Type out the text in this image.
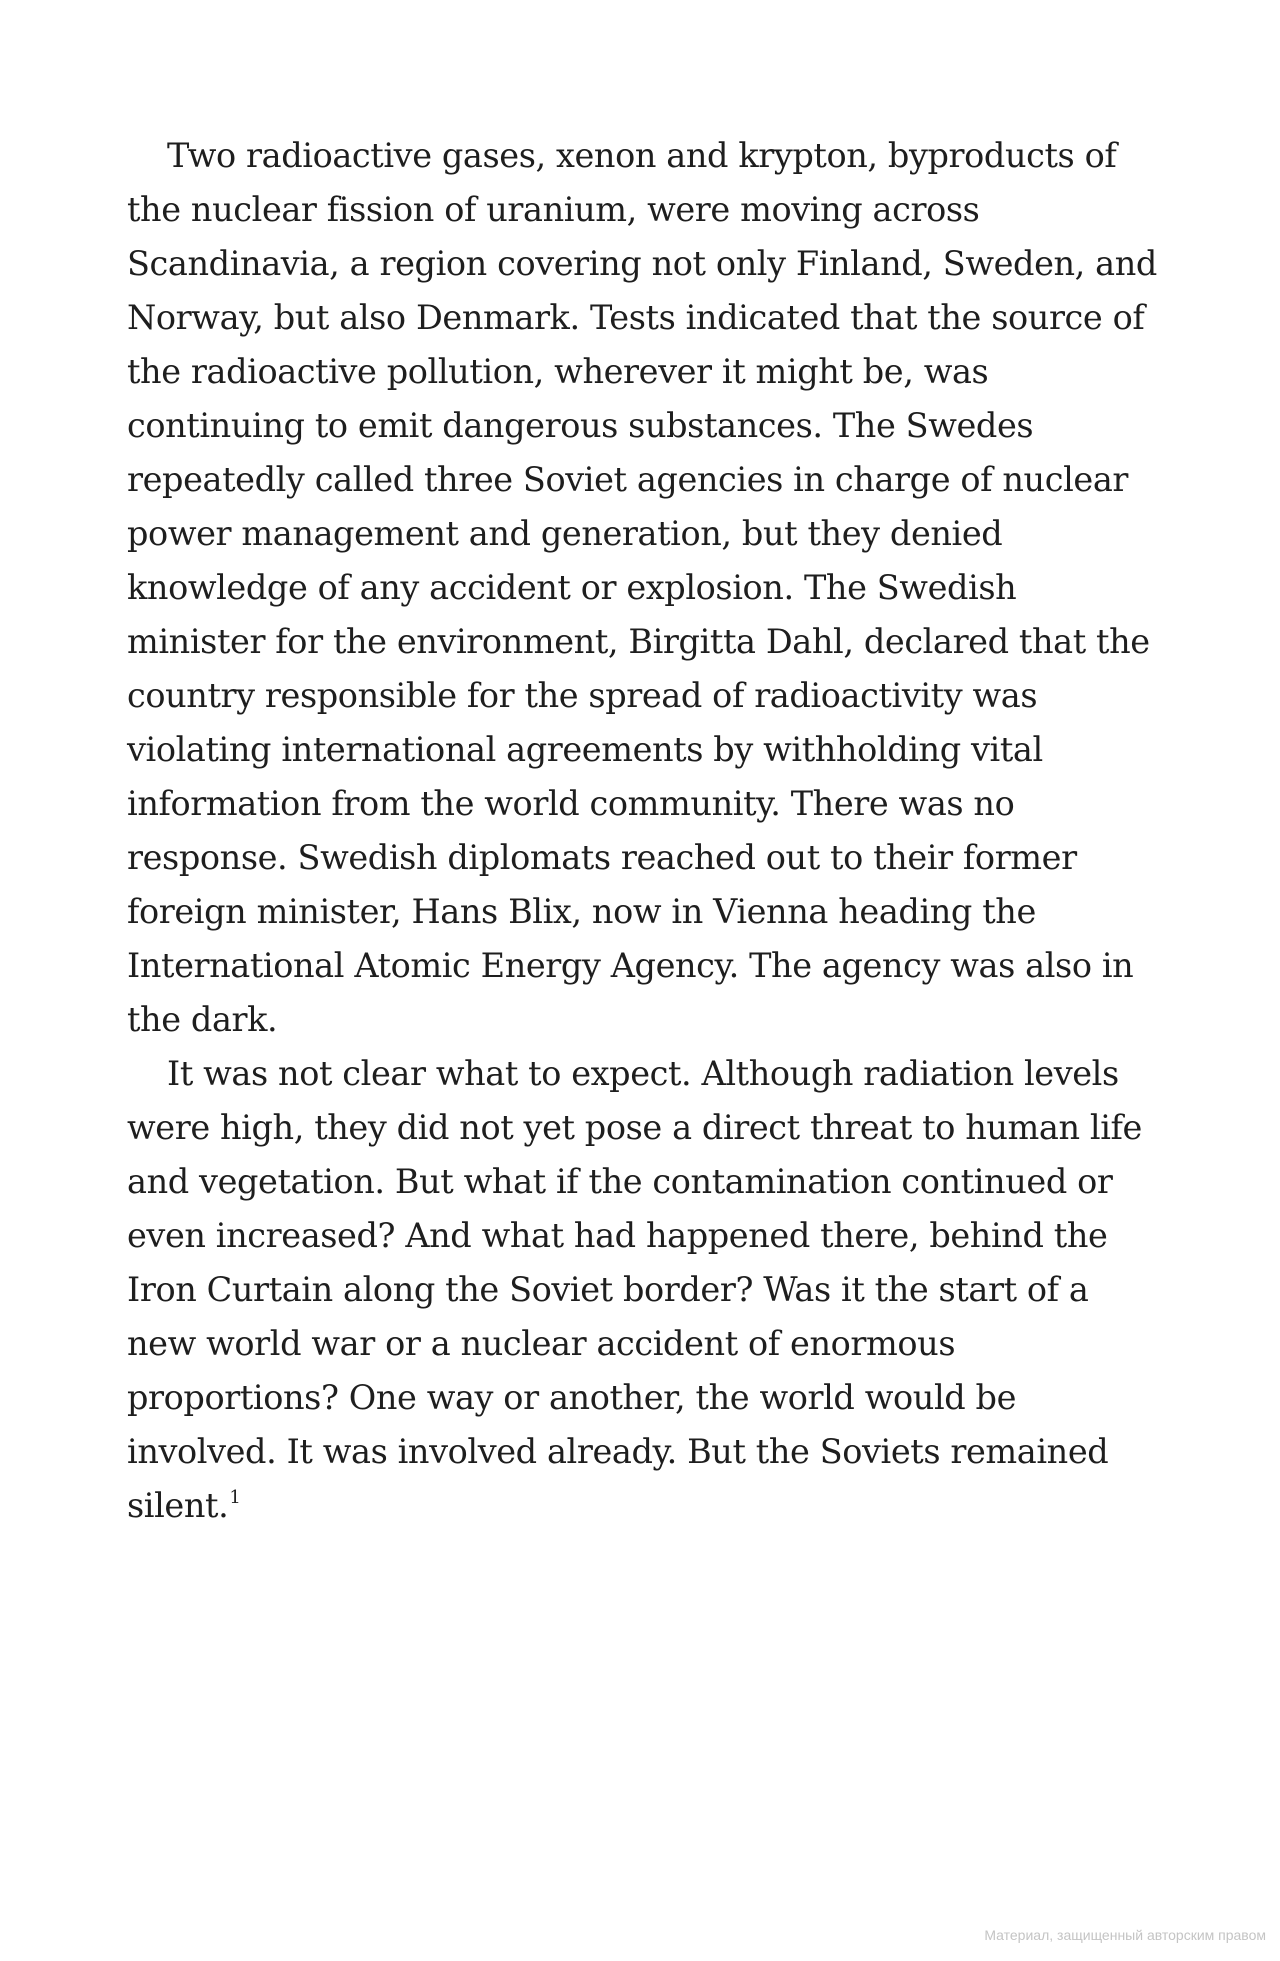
Two radioactive gases, xenon and krypton, byproducts of
the nuclear fission of uranium, were moving across
Scandinavia, a region covering not only Finland, Sweden, and
Norway, but also Denmark. Tests indicated that the source of
the radioactive pollution, wherever it might be, was
continuing to emit dangerous substances. The Swedes
repeatedly called three Soviet agencies in charge of nuclear
power management and generation, but they denied
knowledge of any accident or explosion. The Swedish
minister for the environment, Birgitta Dahl, declared that the
country responsible for the spread of radioactivity was
violating international agreements by withholding vital
information from the world community. There was no
response. Swedish diplomats reached out to their former
foreign minister, Hans Blix, now in Vienna heading the
International Atomic Energy Agency. The agency was also in
the dark.
It was not clear what to expect. Although radiation levels
were high, they did not yet pose a direct threat to human life
and vegetation. But what if the contamination continued or
even increased? And what had happened there, behind the
Iron Curtain along the Soviet border? Was it the start of a
new world war or a nuclear accident of enormous
proportions? One way or another, the world would be
involved. It was involved already. But the Soviets remained
silent.$^1$
Материал, защищенный авторским правом
